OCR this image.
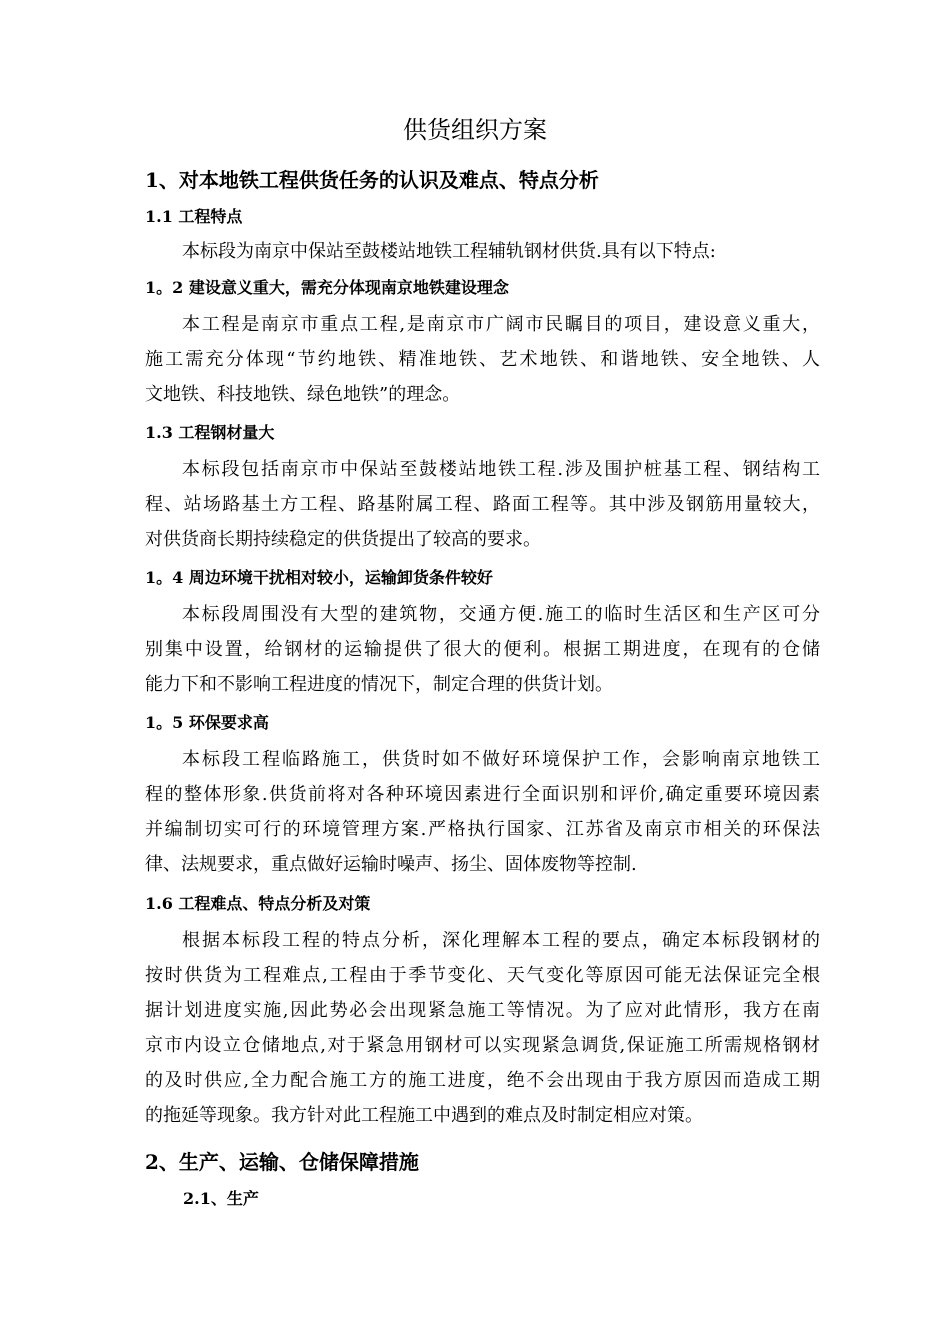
供货组织方案
1、对本地铁工程供货任务的认识及难点、特点分析
1.1 工程特点
本标段为南京中保站至鼓楼站地铁工程辅轨钢材供货.具有以下特点:
1。2 建设意义重大，需充分体现南京地铁建设理念
本工程是南京市重点工程,是南京市广阔市民瞩目的项目，建设意义重大，
施工需充分体现“节约地铁、精准地铁、艺术地铁、和谐地铁、安全地铁、人
文地铁、科技地铁、绿色地铁”的理念。
1.3 工程钢材量大
本标段包括南京市中保站至鼓楼站地铁工程.涉及围护桩基工程、钢结构工
程、站场路基土方工程、路基附属工程、路面工程等。其中涉及钢筋用量较大，
对供货商长期持续稳定的供货提出了较高的要求。
1。4 周边环境干扰相对较小，运输卸货条件较好
本标段周围没有大型的建筑物，交通方便.施工的临时生活区和生产区可分
别集中设置，给钢材的运输提供了很大的便利。根据工期进度，在现有的仓储
能力下和不影响工程进度的情况下，制定合理的供货计划。
1。5 环保要求高
本标段工程临路施工，供货时如不做好环境保护工作，会影响南京地铁工
程的整体形象.供货前将对各种环境因素进行全面识别和评价,确定重要环境因素
并编制切实可行的环境管理方案.严格执行国家、江苏省及南京市相关的环保法
律、法规要求，重点做好运输时噪声、扬尘、固体废物等控制.
1.6 工程难点、特点分析及对策
根据本标段工程的特点分析，深化理解本工程的要点，确定本标段钢材的
按时供货为工程难点,工程由于季节变化、天气变化等原因可能无法保证完全根
据计划进度实施,因此势必会出现紧急施工等情况。为了应对此情形，我方在南
京市内设立仓储地点,对于紧急用钢材可以实现紧急调货,保证施工所需规格钢材
的及时供应,全力配合施工方的施工进度，绝不会出现由于我方原因而造成工期
的拖延等现象。我方针对此工程施工中遇到的难点及时制定相应对策。
2、生产、运输、仓储保障措施
2.1、生产
